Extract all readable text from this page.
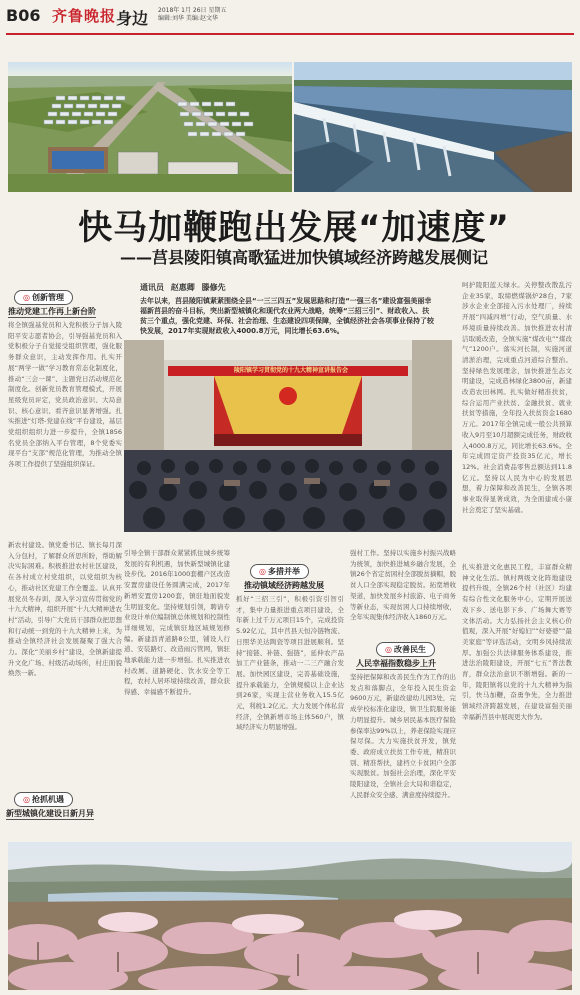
B06 齐鲁晚报 身边 2018年 1月 26日 星期五
编辑:刘华 美编:赵文华
快马加鞭跑出发展“加速度”
——莒县陵阳镇高歌猛进加快镇域经济跨越发展侧记
通讯员 赵惠卿 滕修先
去年以来，莒县陵阳镇紧紧围绕全县“一三三四五”发展思路和打造“一强三名”建设富强美丽幸福新莒县的奋斗目标，突出新型城镇化和现代农业两大战略，统筹“三招三引”、财政收入、扶贫三个重点，强化党建、环保、社会治理、生态建设四项保障，全镇经济社会各项事业保持了较快发展，2017年实现财政收入4000.8万元，同比增长63.6%。
陵阳镇学习贯彻党的十九大精神宣讲报告会
◎ 创新管理
推动党建工作再上新台阶
将全镇强基党员和入党积极分子加入陵阳平安志愿者协会，引导强基党员和入党积极分子自觉接受组织管理，强化服务群众意识，主动发挥作用。扎实开展“两学一做”学习教育常态化制度化，推动“三会一课”、主题党日活动规范化制度化。创新党员教育管理模式，开展星级党员评定，党员政治意识、大局意识、核心意识、看齐意识显著增强。扎实推进“灯塔-党建在线”平台建设，基层党组织组织力进一步提升，全镇1856名党员全部纳入平台管理，8个党委实现平台“支部”规范化管理，为推动全镇各项工作提供了坚强组织保证。
新农村建设。镇党委书记、镇长每月深入分包村，了解群众所思所盼，帮助解决实际困难。积极推进农村社区建设，在各村成立村党组织，以党组织为核心，推动社区党建工作全覆盖。认真开展党员冬春训，深入学习宣传贯彻党的十九大精神，组织开展“十九大精神进农村”活动，引导广大党员干部群众把思想和行动统一到党的十九大精神上来，为推动全镇经济社会发展凝聚了强大合力。深化“美丽乡村”建设，全镇新建提升文化广场、村级活动场所，村庄面貌焕然一新。
◎ 抢抓机遇
新型城镇化建设日新月异
引导全镇干部群众紧紧抓住城乡统筹发展的有利机遇，加快新型城镇化建设步伐。2016年1000套棚户区改造安置房建设任务圆满完成，2017年新增安置房1200套，镇驻地面貌发生明显变化。坚持规划引领，聘请专业设计单位编制镇总体规划和控制性详细规划，完成镇驻地区域规划修编。新建沥青道路8公里，铺设人行道、安装路灯、改造雨污管网，镇驻地承载能力进一步增强。扎实推进农村改厕、道路硬化、饮水安全等工程，农村人居环境持续改善，群众获得感、幸福感不断提升。
◎ 多措并举
推动镇域经济跨越发展
抓好“三招三引”，积极引资引智引才，集中力量推进重点项目建设，全年新上过千万元项目15个，完成投资5.92亿元，其中莒县天恒冷链物流、日照华美达陶瓷等项目进展顺利。坚持“接链、补链、强链”，延伸农产品加工产业链条，推动一二三产融合发展。加快园区建设，完善基础设施，提升承载能力，全镇规模以上企业达到26家，实现主营业务收入15.5亿元，利税1.2亿元。大力发展个体私营经济，全镇新增市场主体560户，镇域经济实力明显增强。
强村工作。坚持以实施乡村振兴战略为统领，加快推进城乡融合发展，全镇26个省定贫困村全部脱贫摘帽，脱贫人口全部实现稳定脱贫。拓宽增收渠道，加快发展乡村旅游、电子商务等新业态，实现贫困人口持续增收，全年实现集体经济收入1860万元。
◎ 改善民生
人民幸福指数稳步上升
坚持把保障和改善民生作为工作的出发点和落脚点，全年投入民生资金9600万元，新建改建幼儿园3处，完成学校标准化建设，镇卫生院服务能力明显提升。城乡居民基本医疗保险参保率达99%以上，养老保险实现应保尽保。大力实施扶贫开发，镇党委、政府成立扶贫工作专班，精准识别、精准帮扶，建档立卡贫困户全部实现脱贫。加强社会治理，深化平安陵阳建设，全镇社会大局和谐稳定，人民群众安全感、满意度持续提升。
呵护陵阳蓝天绿水。关停整改散乱污企业35家，取缔燃煤锅炉28台，7家涉水企业全部接入污水处理厂，持续开展“四减四增”行动，空气质量、水环境质量持续改善。加快推进农村清洁取暖改造，全镇实施“煤改电”“煤改气”1200户。落实河长制，实施河道清淤治理，完成重点河道综合整治。坚持绿色发展理念，加快推进生态文明建设，完成造林绿化3800亩，新建改造农田林网。扎实做好精准扶贫，综合运用产业扶贫、金融扶贫、就业扶贫等措施，全年投入扶贫资金1680万元。2017年全镇完成一般公共预算收入9月至10月超额完成任务，财政收入4000.8万元，同比增长63.6%。全年完成固定资产投资35亿元，增长12%。社会消费品零售总额达到11.8亿元。坚持以人民为中心的发展思想，着力保障和改善民生，全镇各项事业取得显著成效，为全面建成小康社会奠定了坚实基础。
扎实推进文化惠民工程，丰富群众精神文化生活。镇村两级文化阵地建设提档升级，全镇26个村（社区）均建有综合性文化服务中心，定期开展送戏下乡、送电影下乡、广场舞大赛等文体活动。大力弘扬社会主义核心价值观，深入开展“好媳妇”“好婆婆”“最美家庭”等评选活动，文明乡风持续浓厚。加强公共法律服务体系建设，推进法治陵阳建设，开展“七五”普法教育，群众法治意识不断增强。新的一年，陵阳镇将以党的十九大精神为指引，快马加鞭，奋勇争先，全力推进镇域经济跨越发展，在建设富强美丽幸福新莒县中展现更大作为。
